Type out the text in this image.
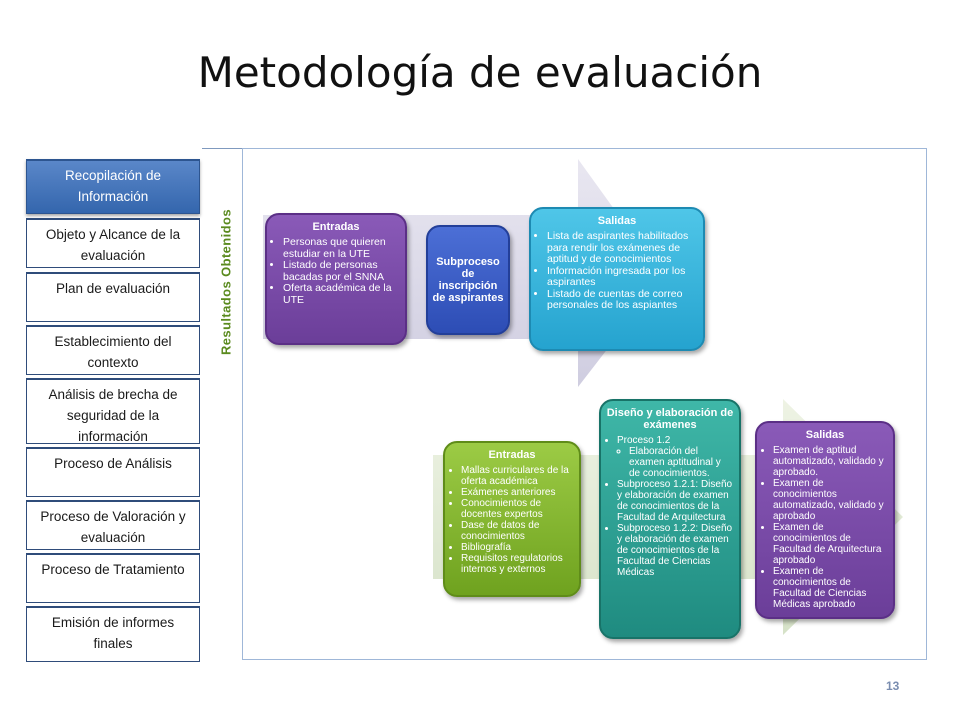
Metodología de evaluación
Recopilación de Información
Objeto y Alcance de la evaluación
Plan de evaluación
Establecimiento del contexto
Análisis de brecha de seguridad de la información
Proceso de Análisis
Proceso de Valoración y evaluación
Proceso de Tratamiento
Emisión de informes finales
Resultados Obtenidos	Entradas
• Personas que quieren estudiar en la UTE
• Listado de personas bacadas por el SNNA
• Oferta académica de la UTE
Subproceso de inscripción de aspirantes
Salidas
• Lista de aspirantes habilitados para rendir los exámenes de aptitud y de conocimientos
• Información ingresada por los aspirantes
• Listado de cuentas de correo personales de los aspiantes
Entradas
• Mallas curriculares de la oferta académica
• Exámenes anteriores
• Conocimientos de docentes expertos
• Dase de datos de conocimientos
• Bibliografía
• Requisitos regulatorios internos y externos
Diseño y elaboración de exámenes
• Proceso 1.2
◦ Elaboración del examen aptitudinal y de conocimientos.
• Subproceso 1.2.1: Diseño y elaboración de examen de conocimientos de la Facultad de Arquitectura
• Subproceso 1.2.2: Diseño y elaboración de examen de conocimientos de la Facultad de Ciencias Médicas
Salidas
• Examen de aptitud automatizado, validado y aprobado.
• Examen de conocimientos automatizado, validado y aprobado
• Examen de conocimientos de Facultad de Arquitectura aprobado
• Examen de conocimientos de Facultad de Ciencias Médicas aprobado
13
